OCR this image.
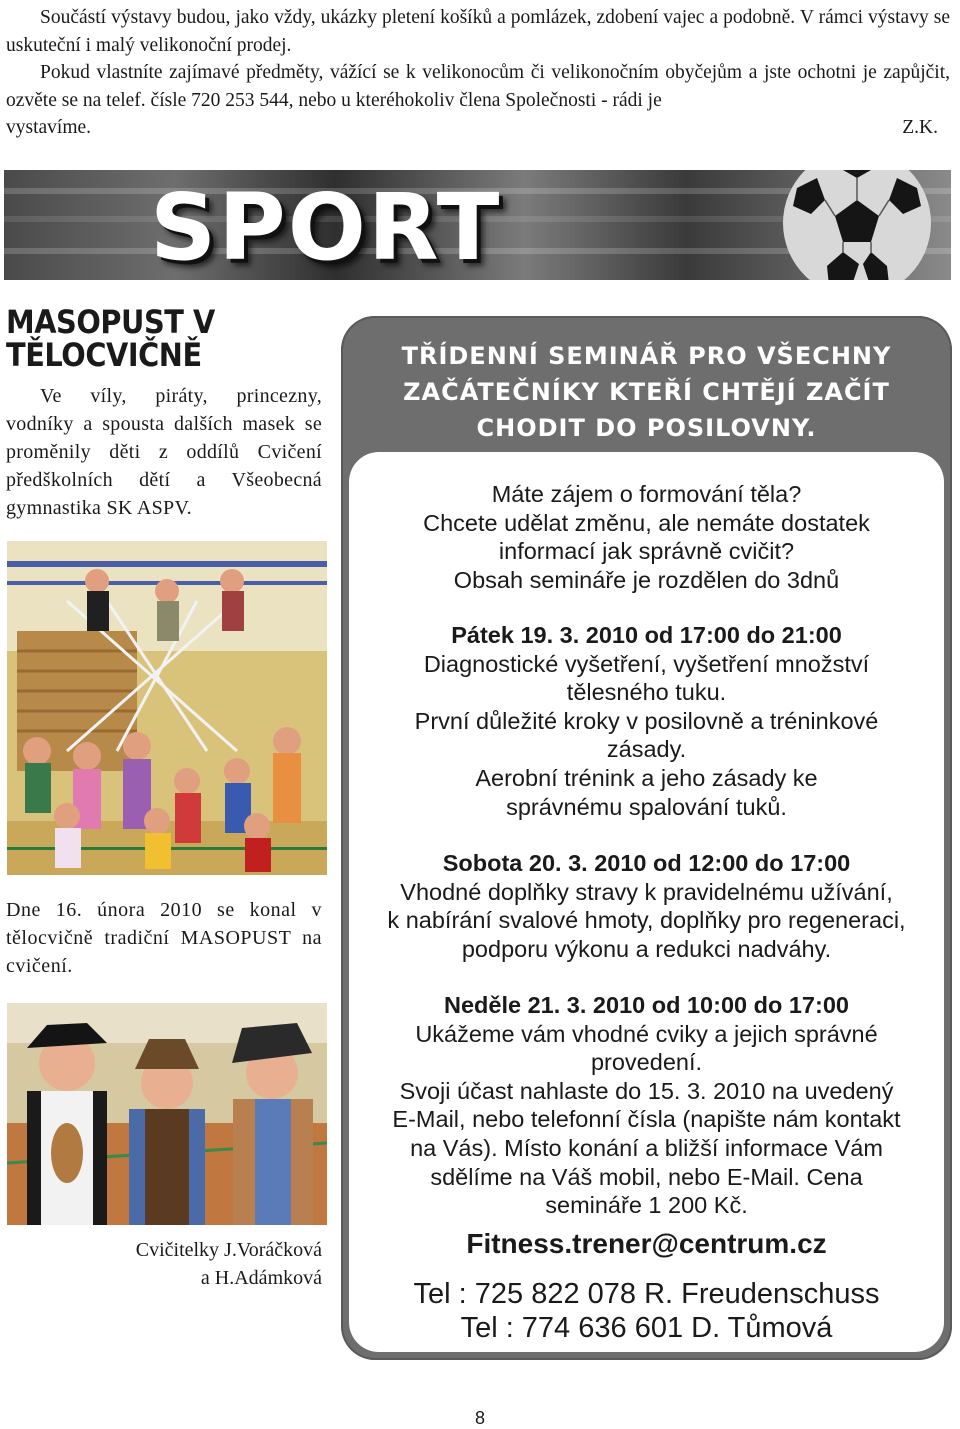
Součástí výstavy budou, jako vždy, ukázky pletení košíků a pomlázek, zdobení vajec a podobně. V rámci výstavy se uskuteční i malý velikonoční prodej.

Pokud vlastníte zajímavé předměty, vážící se k velikonocům či velikonočním obyčejům a jste ochotni je zapůjčit, ozvěte se na telef. čísle 720 253 544, nebo u kteréhokoliv člena Společnosti - rádi je

vystavíme.	Z.K.

SPORT
MASOPUST V
TĚLOCVIČNĚ
Ve víly, piráty, princezny, vodníky a spousta dalších masek se proměnily děti z oddílů Cvičení předškolních dětí a Všeobecná gymnastika SK ASPV.
Dne 16. února 2010 se konal v tělocvičně tradiční MASOPUST na cvičení.
Cvičitelky J.Voráčková
a H.Adámková
TŘÍDENNÍ SEMINÁŘ PRO VŠECHNY
ZAČÁTEČNÍKY KTEŘÍ CHTĚJÍ ZAČÍT
CHODIT DO POSILOVNY.
Máte zájem o formování těla?
Chcete udělat změnu, ale nemáte dostatek
informací jak správně cvičit?
Obsah semináře je rozdělen do 3dnů
Pátek 19. 3. 2010 od 17:00 do 21:00
Diagnostické vyšetření, vyšetření množství
tělesného tuku.
První důležité kroky v posilovně a tréninkové
zásady.
Aerobní trénink a jeho zásady ke
správnému spalování tuků.
Sobota 20. 3. 2010 od 12:00 do 17:00
Vhodné doplňky stravy k pravidelnému užívání,
k nabírání svalové hmoty, doplňky pro regeneraci,
podporu výkonu a redukci nadváhy.
Neděle 21. 3. 2010 od 10:00 do 17:00
Ukážeme vám vhodné cviky a jejich správné
provedení.
Svoji účast nahlaste do 15. 3. 2010 na uvedený
E-Mail, nebo telefonní čísla (napište nám kontakt
na Vás). Místo konání a bližší informace Vám
sdělíme na Váš mobil, nebo E-Mail. Cena
semináře 1 200 Kč.
Fitness.trener@centrum.cz
Tel : 725 822 078 R. Freudenschuss
Tel : 774 636 601 D. Tůmová
8
